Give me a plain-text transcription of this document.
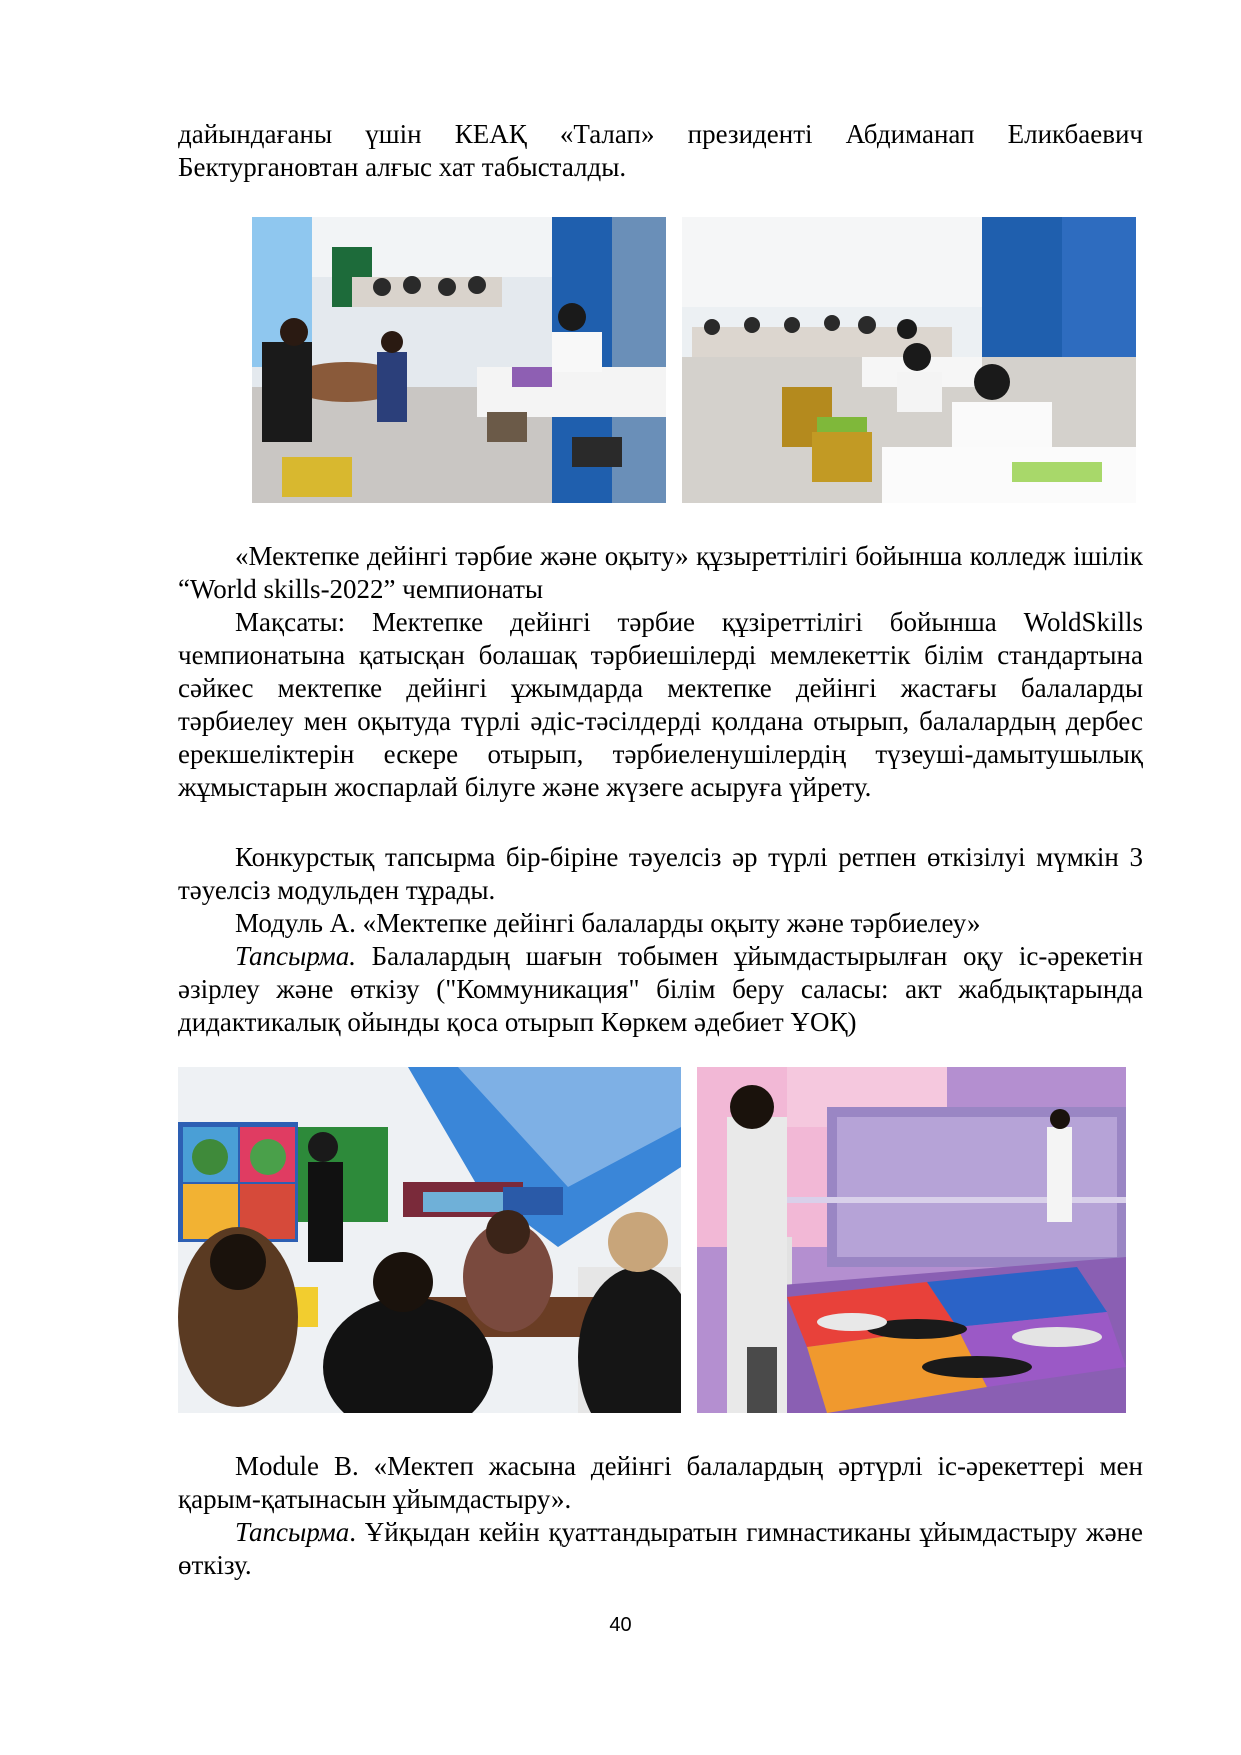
дайындағаны үшін КЕАҚ «Талап» президенті Абдиманап Еликбаевич Бектургановтан алғыс хат табысталды.

«Мектепке дейінгі тәрбие және оқыту» құзыреттілігі бойынша колледж ішілік “World skills-2022” чемпионаты

Мақсаты: Мектепке дейінгі тәрбие құзіреттілігі бойынша WoldSkills чемпионатына қатысқан болашақ тәрбиешілерді мемлекеттік білім стандартына сәйкес мектепке дейінгі ұжымдарда мектепке дейінгі жастағы балаларды тәрбиелеу мен оқытуда түрлі әдіс-тәсілдерді қолдана отырып, балалардың дербес ерекшеліктерін ескере отырып, тәрбиеленушілердің түзеуші-дамытушылық жұмыстарын жоспарлай білуге және жүзеге асыруға үйрету.

Конкурстық тапсырма бір-біріне тәуелсіз әр түрлі ретпен өткізілуі мүмкін 3 тәуелсіз модульден тұрады.

Модуль А. «Мектепке дейінгі балаларды оқыту және тәрбиелеу»

Тапсырма. Балалардың шағын тобымен ұйымдастырылған оқу іс-әрекетін әзірлеу және өткізу ("Коммуникация" білім беру саласы: акт жабдықтарында дидактикалық ойынды қоса отырып Көркем әдебиет ҰОҚ)

Module B. «Мектеп жасына дейінгі балалардың әртүрлі іс-әрекеттері мен қарым-қатынасын ұйымдастыру».

Тапсырма. Ұйқыдан кейін қуаттандыратын гимнастиканы ұйымдастыру және өткізу.

40
